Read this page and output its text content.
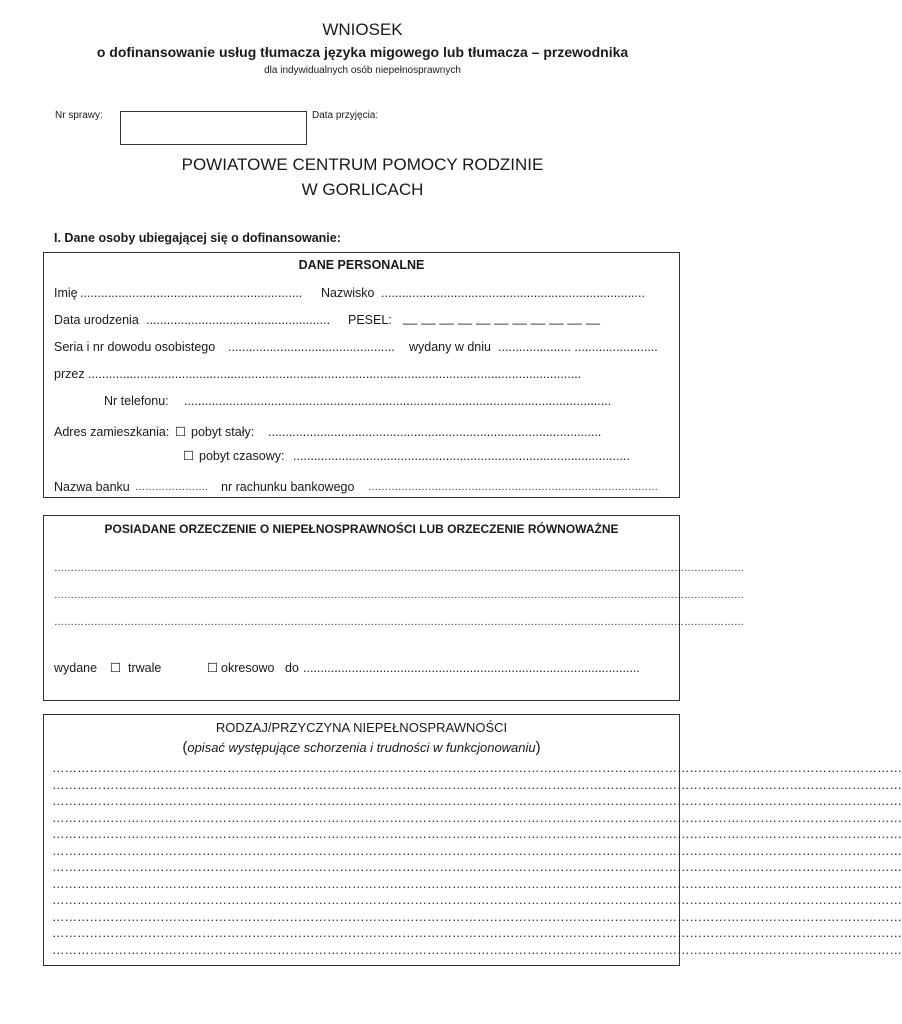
WNIOSEK
o dofinansowanie usług tłumacza języka migowego lub tłumacza – przewodnika
dla indywidualnych osób niepełnosprawnych
Nr sprawy:	Data przyjęcia:
POWIATOWE CENTRUM POMOCY RODZINIE
W GORLICACH
I. Dane osoby ubiegającej się o dofinansowanie:
DANE PERSONALNE
Imię ................................................................	Nazwisko ............................................................................
Data urodzenia .....................................................	PESEL: __ __ __ __ __ __ __ __ __ __ __
Seria i nr dowodu osobistego ................................................	wydany w dniu ..................... ........................
przez ..............................................................................................................................................
Nr telefonu: ...........................................................................................................................
Adres zamieszkania: ☐ pobyt stały: ................................................................................................
☐ pobyt czasowy: .................................................................................................
Nazwa banku ………………….	nr rachunku bankowego ……………………………………………………………………………
POSIADANE ORZECZENIE O NIEPEŁNOSPRAWNOŚCI LUB ORZECZENIE RÓWNOWAŻNE
………………………………………………………………………………………………………………………………………………………………………………………
………………………………………………………………………………………………………………………………………………………………………………………
………………………………………………………………………………………………………………………………………………………………………………………
wydane ☐ trwale	☐ okresowo do .................................................................................................
RODZAJ/PRZYCZYNA NIEPEŁNOSPRAWNOŚCI
(opisać występujące schorzenia i trudności w funkcjonowaniu)
……………………………………………………………………………………………………………………………………………………………………………………
……………………………………………………………………………………………………………………………………………………………………………………
……………………………………………………………………………………………………………………………………………………………………………………
……………………………………………………………………………………………………………………………………………………………………………………
……………………………………………………………………………………………………………………………………………………………………………………
……………………………………………………………………………………………………………………………………………………………………………………
……………………………………………………………………………………………………………………………………………………………………………………
……………………………………………………………………………………………………………………………………………………………………………………
……………………………………………………………………………………………………………………………………………………………………………………
……………………………………………………………………………………………………………………………………………………………………………………
……………………………………………………………………………………………………………………………………………………………………………………
……………………………………………………………………………………………………………………………………………………………………………………
